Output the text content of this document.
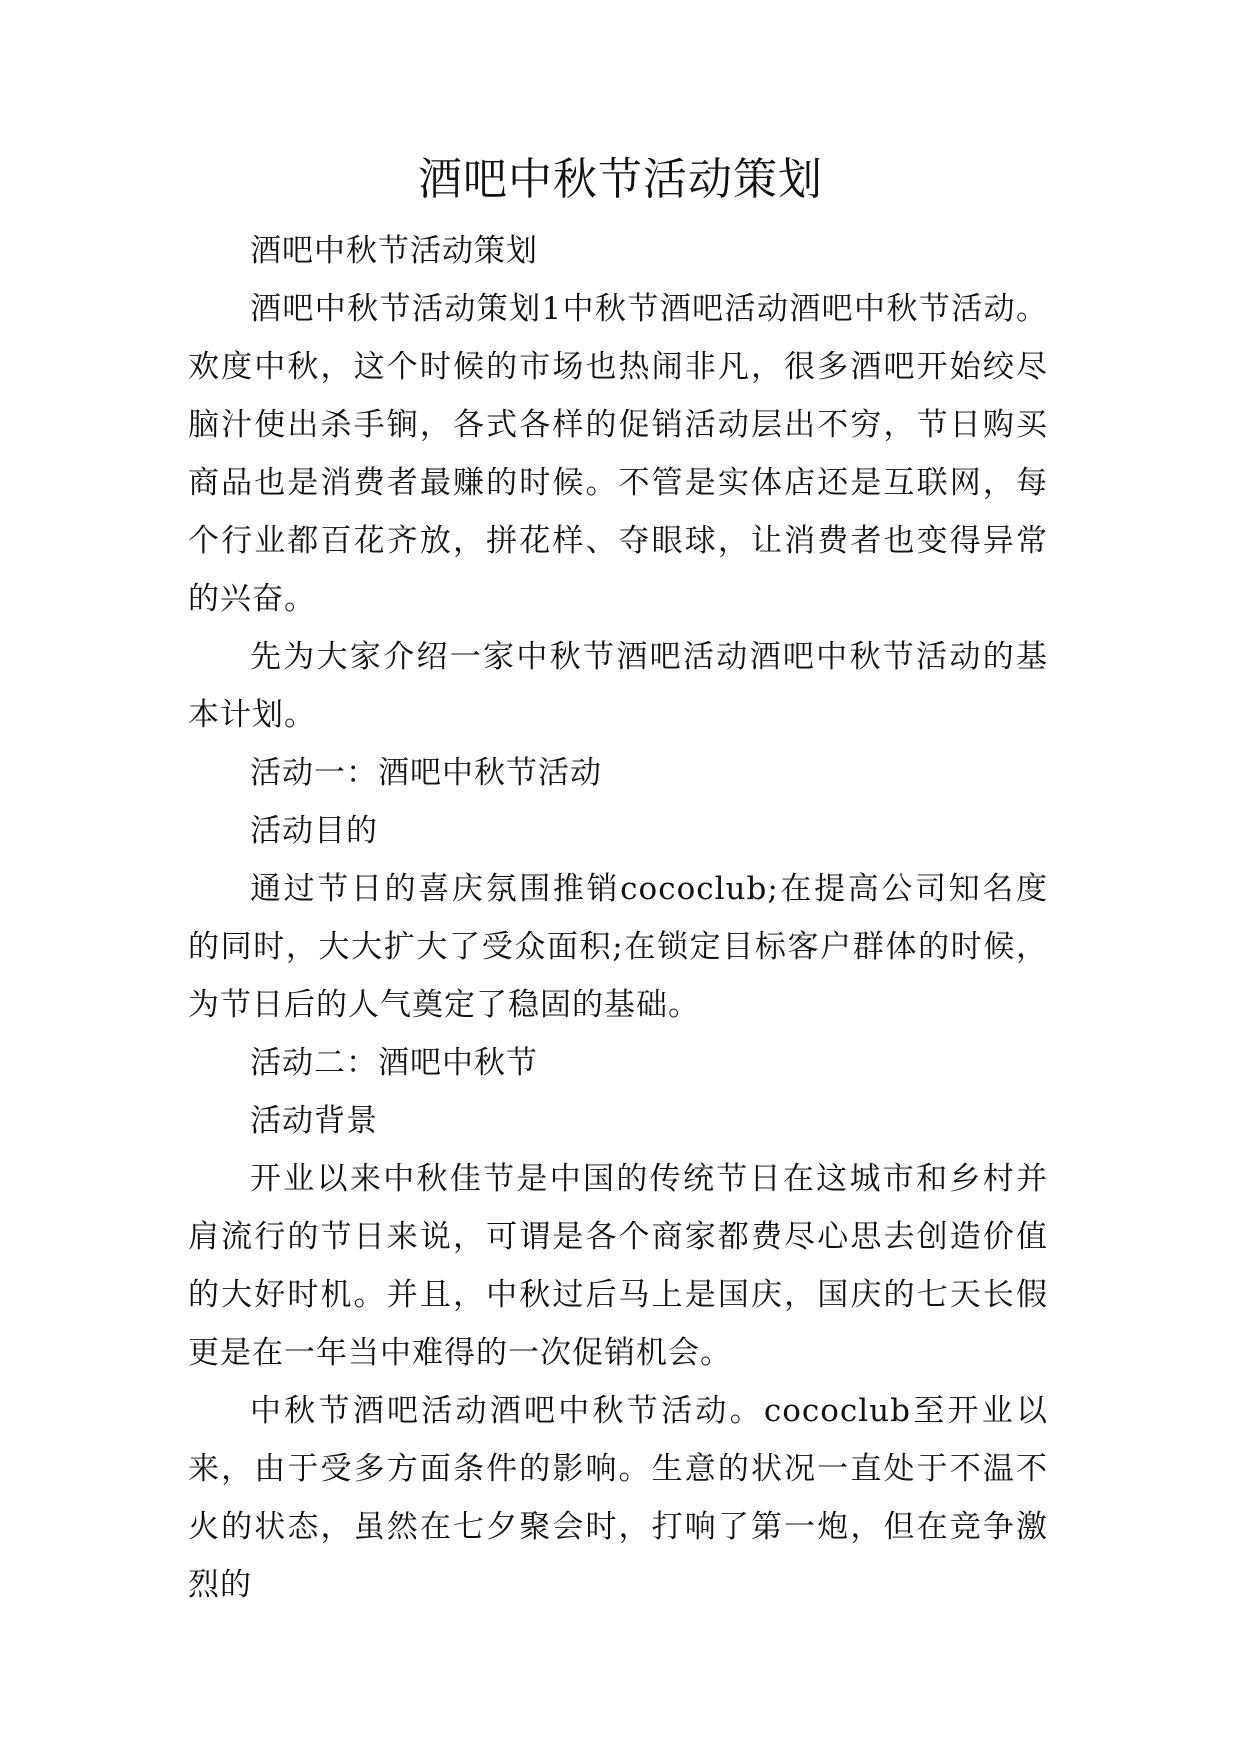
酒吧中秋节活动策划

酒吧中秋节活动策划

酒吧中秋节活动策划1中秋节酒吧活动酒吧中秋节活动。欢度中秋，这个时候的市场也热闹非凡，很多酒吧开始绞尽脑汁使出杀手锏，各式各样的促销活动层出不穷，节日购买商品也是消费者最赚的时候。不管是实体店还是互联网，每个行业都百花齐放，拼花样、夺眼球，让消费者也变得异常的兴奋。

先为大家介绍一家中秋节酒吧活动酒吧中秋节活动的基本计划。

活动一：酒吧中秋节活动

活动目的

通过节日的喜庆氛围推销cococlub;在提高公司知名度的同时，大大扩大了受众面积;在锁定目标客户群体的时候，为节日后的人气奠定了稳固的基础。

活动二：酒吧中秋节

活动背景

开业以来中秋佳节是中国的传统节日在这城市和乡村并肩流行的节日来说，可谓是各个商家都费尽心思去创造价值的大好时机。并且，中秋过后马上是国庆，国庆的七天长假更是在一年当中难得的一次促销机会。

中秋节酒吧活动酒吧中秋节活动。cococlub至开业以来，由于受多方面条件的影响。生意的状况一直处于不温不火的状态，虽然在七夕聚会时，打响了第一炮，但在竞争激烈的
